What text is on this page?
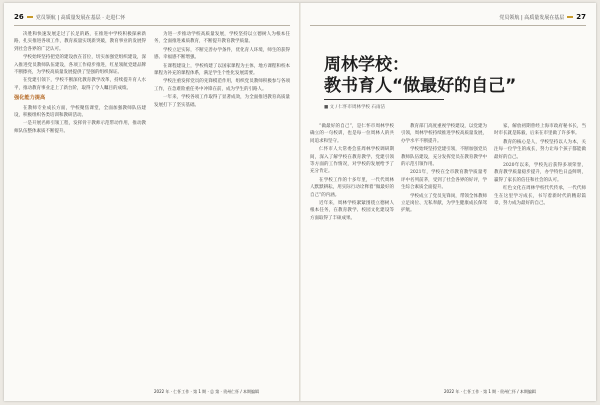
26 党员领航 | 高质量发展在基层 · 走进仁怀

决胜和快速发展走过了长足的路，在推进中学校积极探索新路，扎实推进各项工作，教育质量实现新突破，教育事业的发展得到社会各界的广泛认可。

学校始终坚持把党的建设放在首位，切实加强党组织建设，深入推进党员教师队伍建设，各项工作稳步推进，红星领航党建品牌不断擦亮，为学校高质量发展提供了坚强的组织保证。

在党建引领下，学校不断深化教育教学改革，持续提升育人水平，推动教育事业走上了新台阶，取得了令人瞩目的成绩。

强化能力提高

在教师专业成长方面，学校聚焦课堂，全面加强教师队伍建设，积极组织各类培训和教研活动。

一是开展名师引领工程，发挥骨干教师示范带动作用，推动教师队伍整体素质不断提升。

为进一步推动学校高质量发展，学校坚持以立德树人为根本任务，全面推进素质教育，不断提升教育教学质量。

学校立足实际，不断完善办学条件，优化育人环境，师生的获得感、幸福感不断增强。

在课程建设上，学校构建了以国家课程为主体，地方课程和校本课程为补充的课程体系，满足学生个性化发展需要。

学校注重发挥党员的先锋模范作用，组织党员教师积极参与各项工作，在急难险重任务中冲锋在前，成为学生的引路人。

一年来，学校各项工作取得了显著成效，为全面推进教育高质量发展打下了坚实基础。

2022 年 · 仁怀工作 · 第 1 期 · 总 第 · 贵州仁怀 / 本期编辑
党员领航 | 高质量发展在基层 27
周林学校：
教书育人“做最好的自己”
■ 文 / 仁怀市周林学校 石雨洁

“做最好的自己”，是仁怀市周林学校确立的一句校训，也是每一位周林人的共同追求和坚守。

仁怀市人大常委会驻周林学校调研期间，深入了解学校在教育教学、党建引领等方面的工作情况，对学校的发展给予了充分肯定。

在学校工作的十多年里，一代代周林人默默耕耘，用实际行动诠释着“做最好的自己”的内涵。

近年来，周林学校紧紧围绕立德树人根本任务，在教育教学、校园文化建设等方面取得了丰硕成果。

教育部门高度重视学校建设，以党建为引领，周林学校持续推进学校高质量发展，办学水平不断提升。

学校始终坚持党建引领，不断加强党员教师队伍建设，充分发挥党员在教育教学中的示范引领作用。

2021年，学校在全市教育教学质量考评中名列前茅，受到了社会各界的好评，学生综合素质全面提升。

学校成立了党员先锋岗，带领全体教师立足岗位、无私奉献，为学生健康成长保驾护航。

家，解放初期曾经上海市政府秘书长，当时市长就是陈毅，后来在市里做了许多事。

教育的核心是人，学校坚持以人为本，关注每一位学生的成长，努力让每个孩子都能做最好的自己。

2020年以来，学校先后获得多项荣誉，教育教学质量稳步提升，办学特色日益鲜明，赢得了家长的信任和社会的认可。

红色文化在周林学校代代传承，一代代师生在这里学习成长，书写着新时代的精彩篇章，努力成为最好的自己。

2022 年 · 仁怀工作 · 第 1 期 · 贵州仁怀 / 本期编辑
